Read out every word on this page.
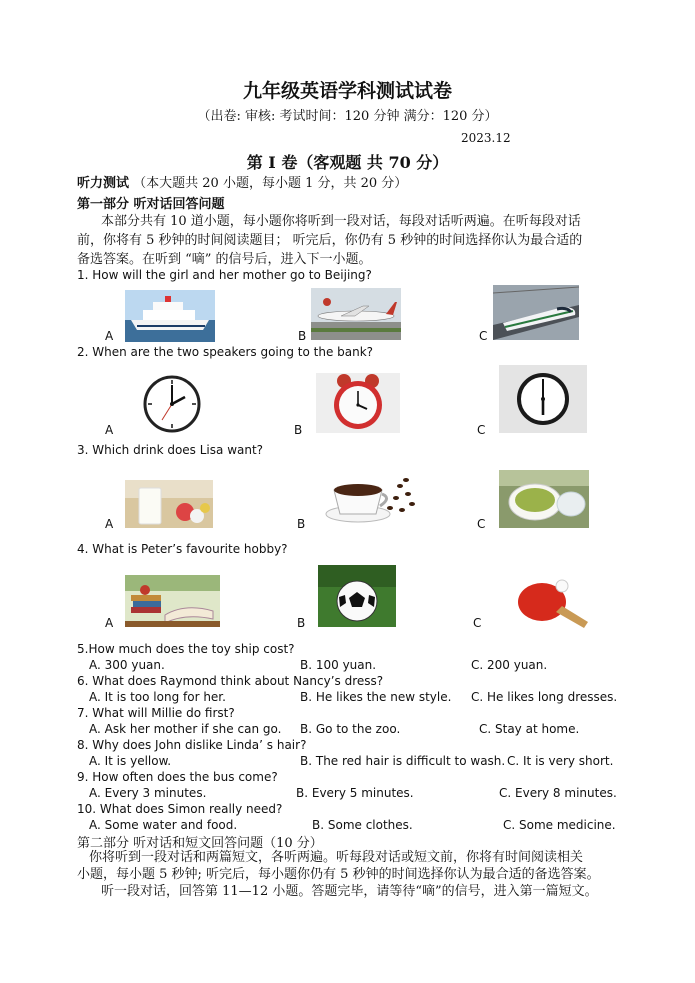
九年级英语学科测试试卷
（出卷: 审核: 考试时间：120 分钟 满分：120 分）
2023.12
第 I 卷（客观题 共 70 分）
听力测试 （本大题共 20 小题，每小题 1 分，共 20 分）
第一部分 听对话回答问题
本部分共有 10 道小题，每小题你将听到一段对话，每段对话听两遍。在听每段对话
前，你将有 5 秒钟的时间阅读题目； 听完后，你仍有 5 秒钟的时间选择你认为最合适的
备选答案。在听到 “嘀” 的信号后，进入下一小题。
1. How will the girl and her mother go to Beijing?
A	B	C
2. When are the two speakers going to the bank?
A	B	C
3. Which drink does Lisa want?
A	B	C
4. What is Peter’s favourite hobby?
A	B	C
5.How much does the toy ship cost?
A. 300 yuan.	B. 100 yuan.	C. 200 yuan.
6. What does Raymond think about Nancy’s dress?
A. It is too long for her.	B. He likes the new style. C. He likes long dresses.
7. What will Millie do first?
A. Ask her mother if she can go. B. Go to the zoo.	C. Stay at home.
8. Why does John dislike Linda’ s hair?
A. It is yellow.	B. The red hair is difficult to wash. C. It is very short.
9. How often does the bus come?
A. Every 3 minutes.	B. Every 5 minutes.	C. Every 8 minutes.
10. What does Simon really need?
A. Some water and food.	B. Some clothes.	C. Some medicine.
第二部分 听对话和短文回答问题（10 分）
你将听到一段对话和两篇短文，各听两遍。听每段对话或短文前，你将有时间阅读相关
小题，每小题 5 秒钟; 听完后，每小题你仍有 5 秒钟的时间选择你认为最合适的备选答案。
听一段对话，回答第 11—12 小题。答题完毕，请等待“嘀”的信号，进入第一篇短文。
